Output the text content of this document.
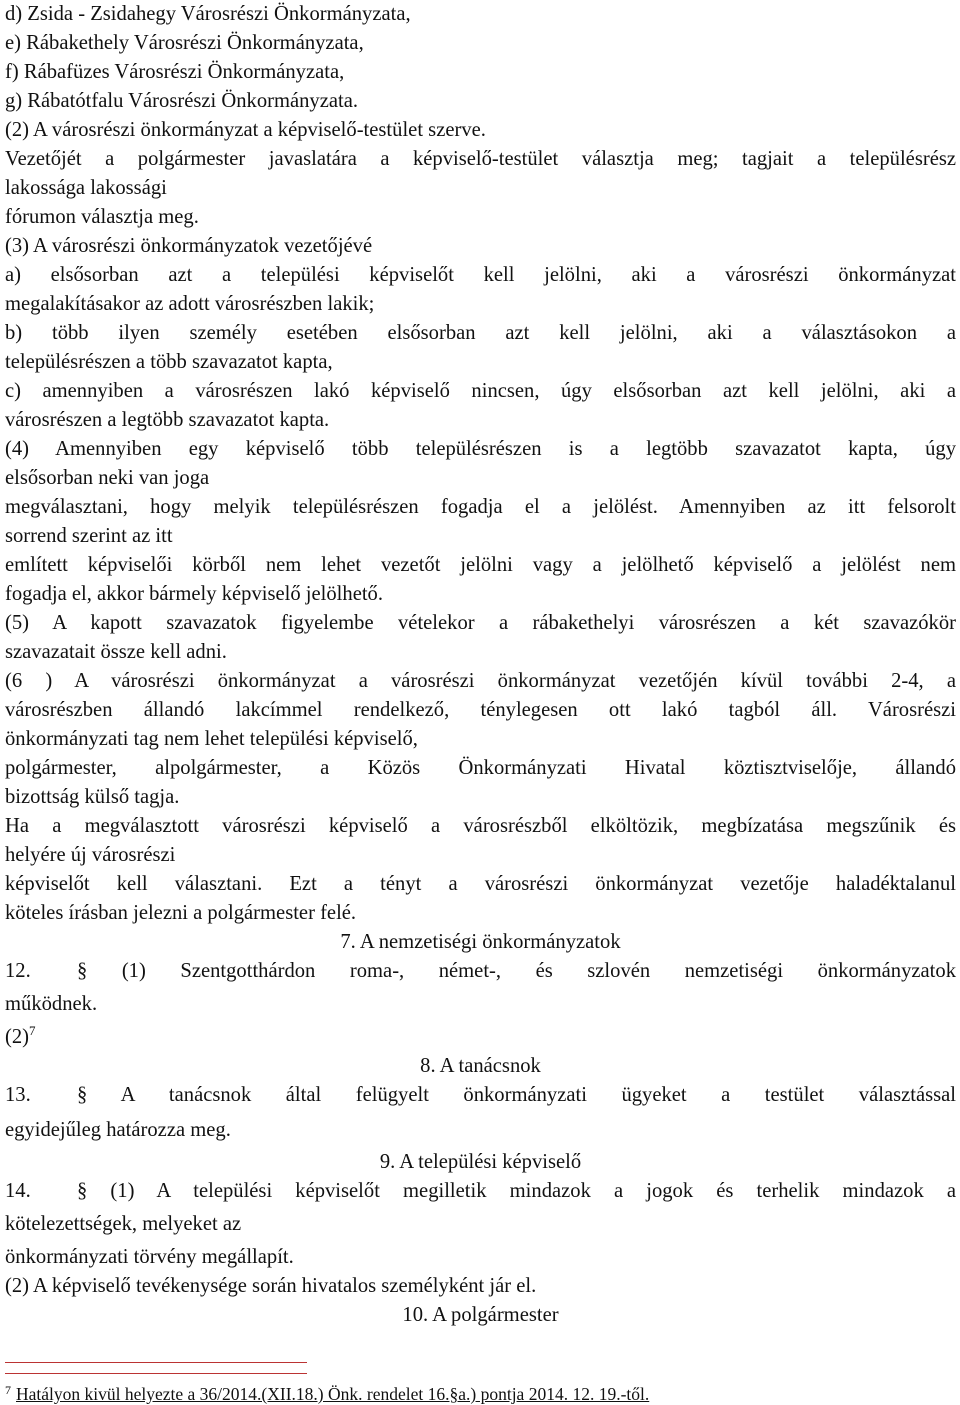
d) Zsida - Zsidahegy Városrészi Önkormányzata,
e) Rábakethely Városrészi Önkormányzata,
f) Rábafüzes Városrészi Önkormányzata,
g) Rábatótfalu Városrészi Önkormányzata.
(2) A városrészi önkormányzat a képviselő-testület szerve.
Vezetőjét a polgármester javaslatára a képviselő-testület választja meg; tagjait a településrész
lakossága lakossági
fórumon választja meg.
(3) A városrészi önkormányzatok vezetőjévé
a) elsősorban azt a települési képviselőt kell jelölni, aki a városrészi önkormányzat
megalakításakor az adott városrészben lakik;
b) több ilyen személy esetében elsősorban azt kell jelölni, aki a választásokon a
településrészen a több szavazatot kapta,
c) amennyiben a városrészen lakó képviselő nincsen, úgy elsősorban azt kell jelölni, aki a
városrészen a legtöbb szavazatot kapta.
(4) Amennyiben egy képviselő több településrészen is a legtöbb szavazatot kapta, úgy
elsősorban neki van joga
megválasztani, hogy melyik településrészen fogadja el a jelölést. Amennyiben az itt felsorolt
sorrend szerint az itt
említett képviselői körből nem lehet vezetőt jelölni vagy a jelölhető képviselő a jelölést nem
fogadja el, akkor bármely képviselő jelölhető.
(5) A kapott szavazatok figyelembe vételekor a rábakethelyi városrészen a két szavazókör
szavazatait össze kell adni.
(6 ) A városrészi önkormányzat a városrészi önkormányzat vezetőjén kívül további 2-4, a
városrészben állandó lakcímmel rendelkező, ténylegesen ott lakó tagból áll. Városrészi
önkormányzati tag nem lehet települési képviselő,
polgármester, alpolgármester, a Közös Önkormányzati Hivatal köztisztviselője, állandó
bizottság külső tagja.
Ha a megválasztott városrészi képviselő a városrészből elköltözik, megbízatása megszűnik és
helyére új városrészi
képviselőt kell választani. Ezt a tényt a városrészi önkormányzat vezetője haladéktalanul
köteles írásban jelezni a polgármester felé.
7. A nemzetiségi önkormányzatok
12.	§ (1) Szentgotthárdon roma-, német-, és szlovén nemzetiségi önkormányzatok
működnek.
$(2)^7$
8. A tanácsnok
13.	§ A tanácsnok által felügyelt önkormányzati ügyeket a testület választással
egyidejűleg határozza meg.
9. A települési képviselő
14.	§ (1) A települési képviselőt megilletik mindazok a jogok és terhelik mindazok a
kötelezettségek, melyeket az
önkormányzati törvény megállapít.
(2) A képviselő tevékenysége során hivatalos személyként jár el.
10. A polgármester
$^7$ Hatályon kivül helyezte a 36/2014.(XII.18.) Önk. rendelet 16.§a.) pontja 2014. 12. 19.-től.
